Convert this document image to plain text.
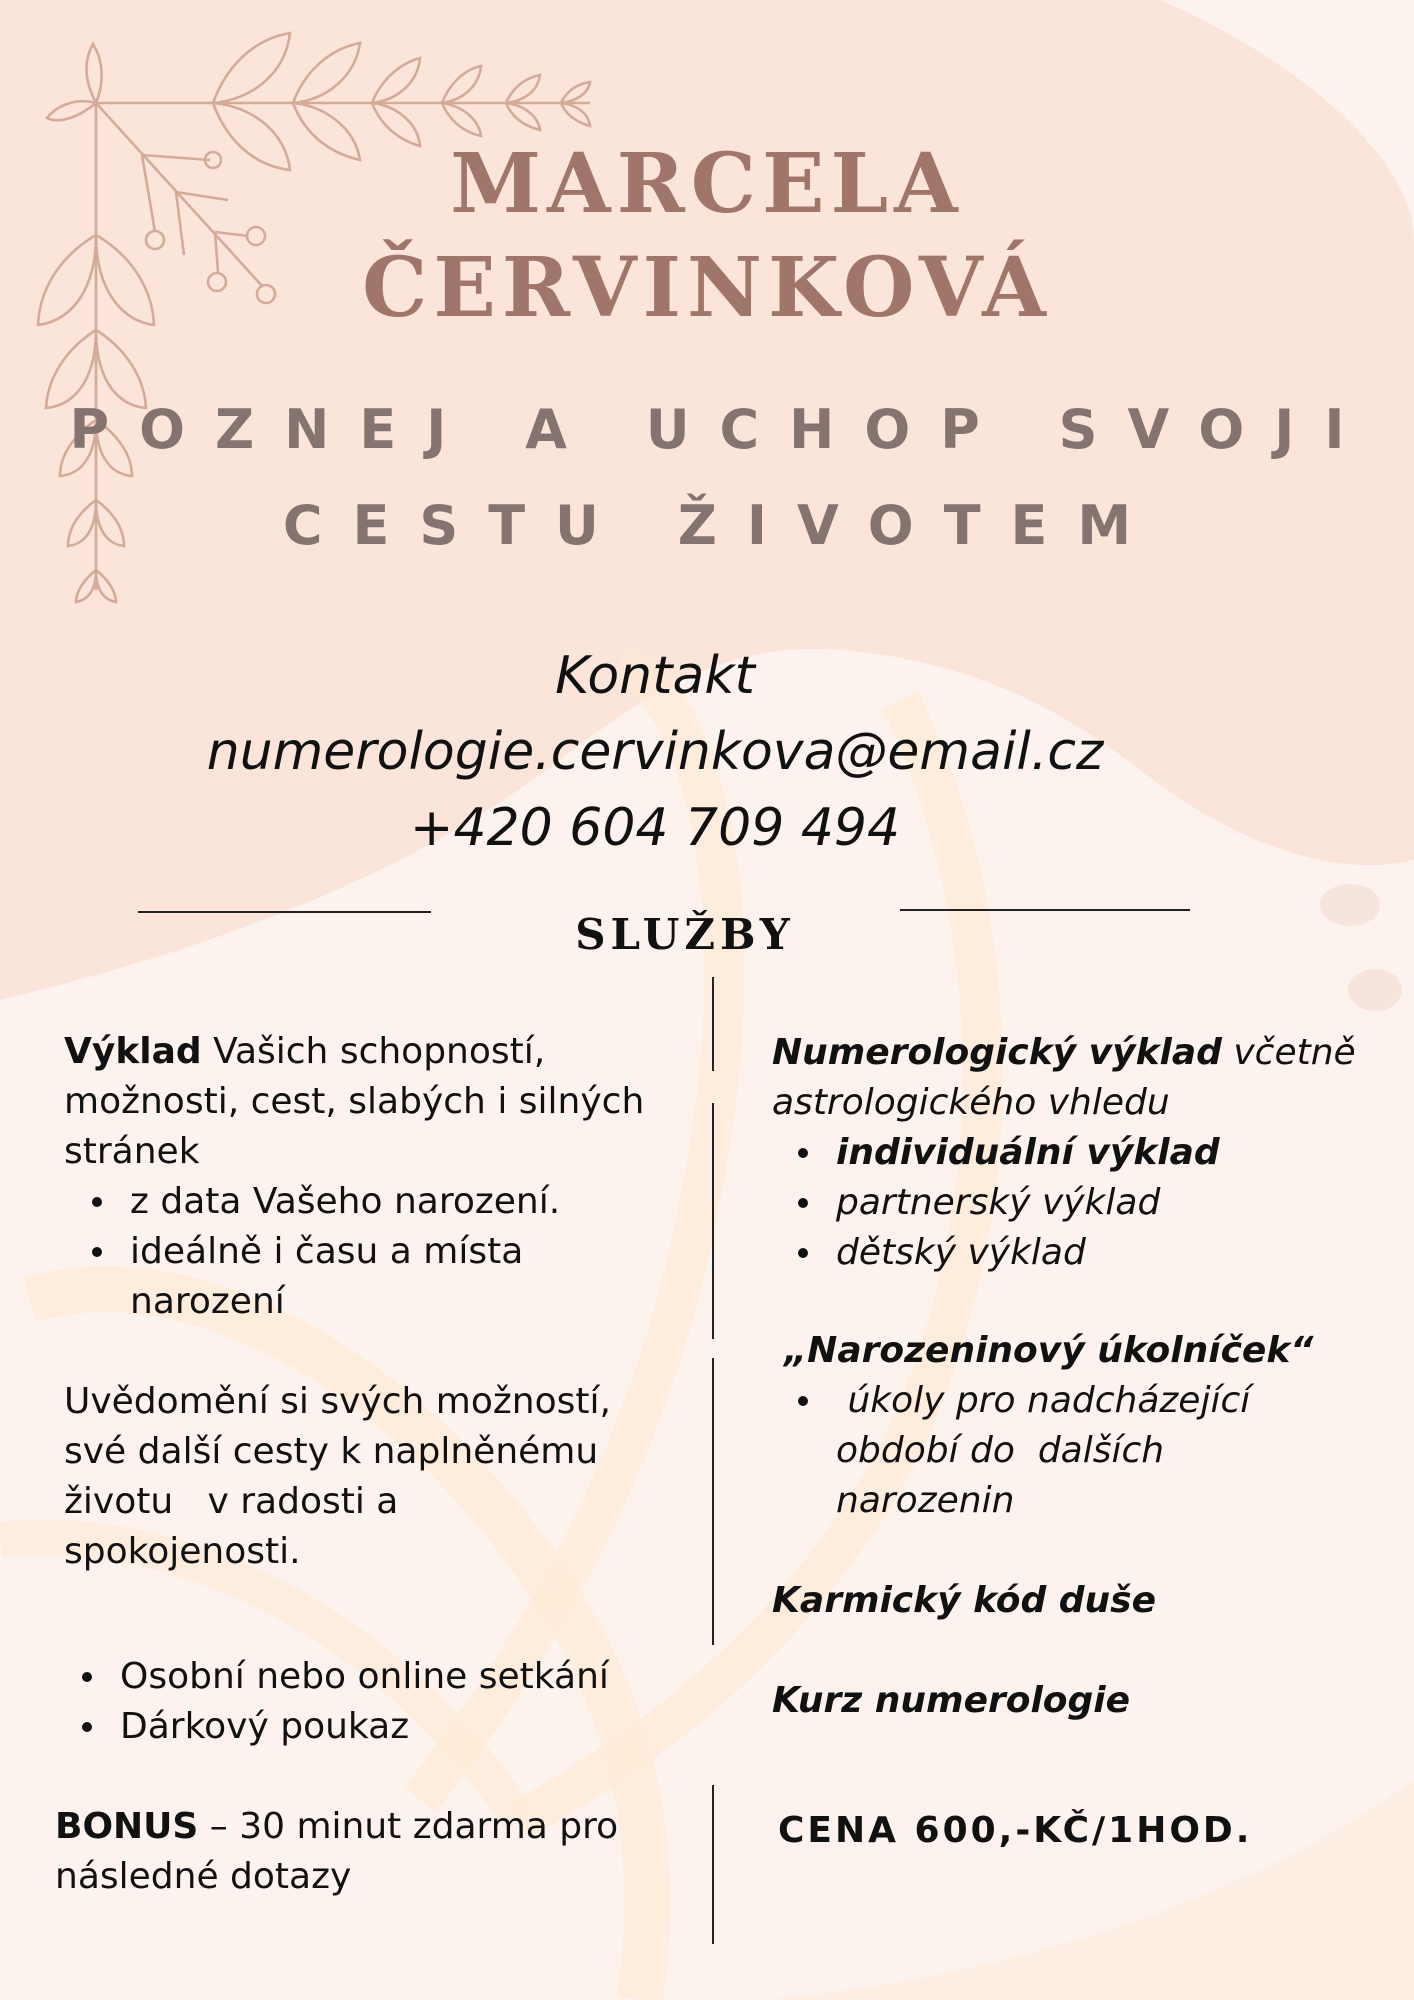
MARCELA
ČERVINKOVÁ
POZNEJ A UCHOP SVOJI
CESTU ŽIVOTEM
Kontakt
numerologie.cervinkova@email.cz
+420 604 709 494
SLUŽBY
Výklad Vašich schopností,
možnosti, cest, slabých i silných
stránek
z data Vašeho narození.
ideálně i času a místa
narození
Uvědomění si svých možností,
své další cesty k naplněnému
životu   v radosti a
spokojenosti.
Osobní nebo online setkání
Dárkový poukaz
BONUS – 30 minut zdarma pro
následné dotazy
Numerologický výklad včetně
astrologického vhledu
individuální výklad
partnerský výklad
dětský výklad
„Narozeninový úkolníček“
úkoly pro nadcházející
období do  dalších
narozenin
Karmický kód duše
Kurz numerologie
CENA 600,-KČ/1HOD.
